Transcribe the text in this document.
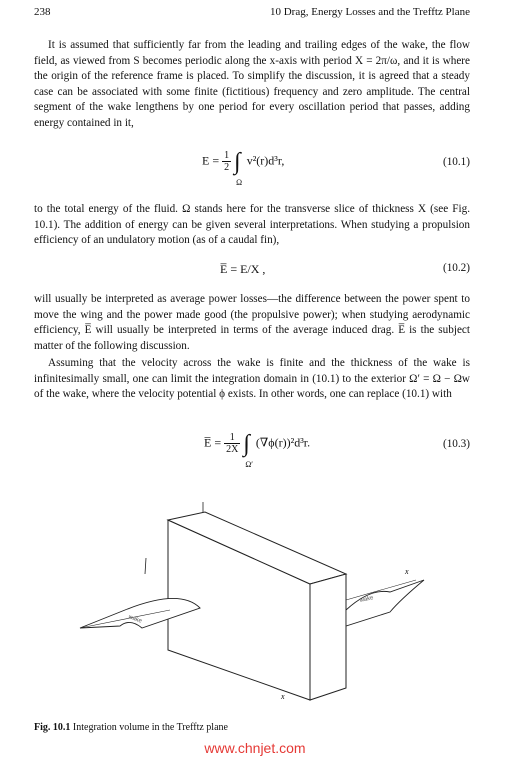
238	10 Drag, Energy Losses and the Trefftz Plane

It is assumed that sufficiently far from the leading and trailing edges of the wake, the flow field, as viewed from S becomes periodic along the x-axis with period X = 2π/ω, and it is where the origin of the reference frame is placed. To simplify the discussion, it is agreed that a steady case can be associated with some finite (fictitious) frequency and zero amplitude. The central segment of the wake lengthens by one period for every oscillation period that passes, adding energy contained in it,

$E = \frac{1}{2}$ ∫
Ω
v²(r)d³r,	(10.1)

to the total energy of the fluid. Ω stands here for the transverse slice of thickness X (see Fig. 10.1). The addition of energy can be given several interpretations. When studying a propulsion efficiency of an undulatory motion (as of a caudal fin),

E̅ = E/X ,	(10.2)

will usually be interpreted as average power losses—the difference between the power spent to move the wing and the power made good (the propulsive power); when studying aerodynamic efficiency, E̅ will usually be interpreted in terms of the average induced drag. E̅ is the subject matter of the following discussion.

Assuming that the velocity across the wake is finite and the thickness of the wake is infinitesimally small, one can limit the integration domain in (10.1) to the exterior Ω′ = Ω − Ωw of the wake, where the velocity potential ϕ exists. In other words, one can replace (10.1) with

E̅ = $\frac{1}{2X}$ ∫
Ω′
(∇ϕ(r))²d³r.	(10.3)
x
x
wake
wake
Fig. 10.1 Integration volume in the Trefftz plane
www.chnjet.com
